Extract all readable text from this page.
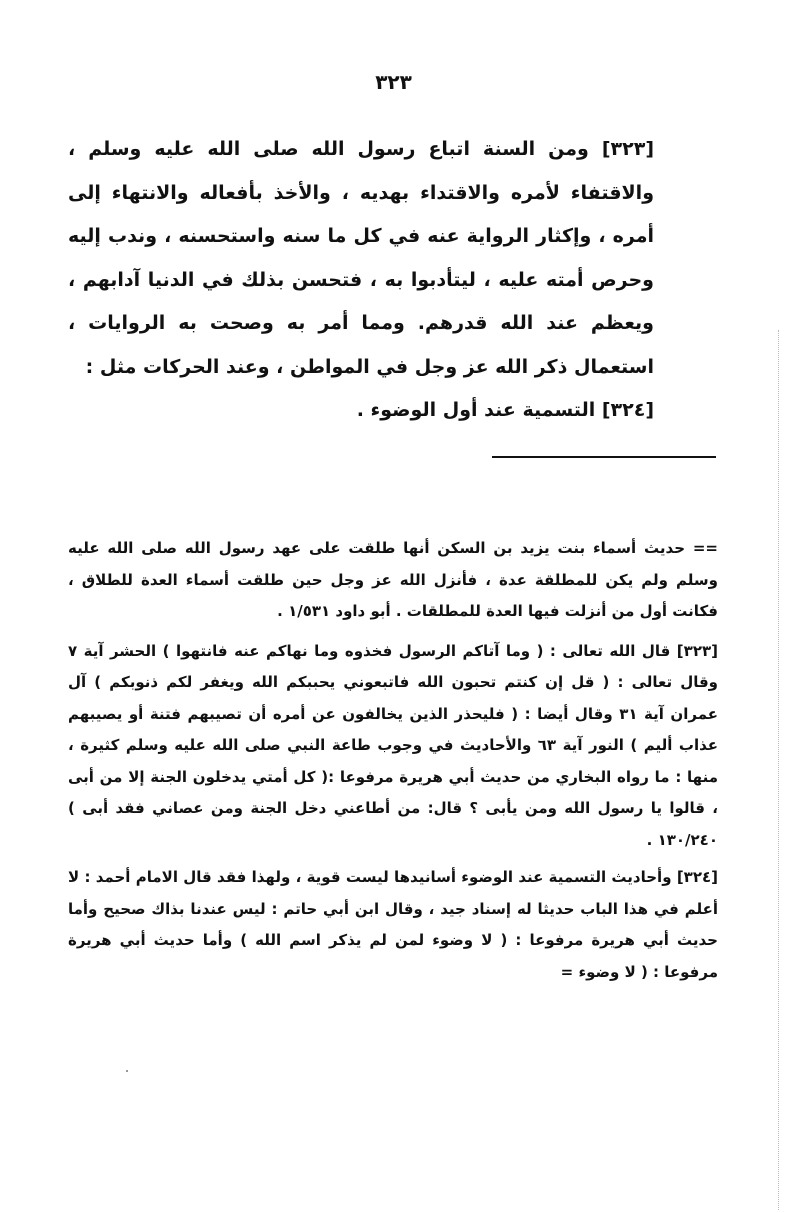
٣٢٣

[٣٢٣] ومن السنة اتباع رسول الله صلى الله عليه وسلم ، والاقتفاء لأمره والاقتداء بهديه ، والأخذ بأفعاله والانتهاء إلى أمره ، وإكثار الرواية عنه في كل ما سنه واستحسنه ، وندب إليه وحرص أمته عليه ، ليتأدبوا به ، فتحسن بذلك في الدنيا آدابهم ، ويعظم عند الله قدرهم. ومما أمر به وصحت به الروايات ، استعمال ذكر الله عز وجل في المواطن ، وعند الحركات مثل :

[٣٢٤] التسمية عند أول الوضوء .

== حديث أسماء بنت يزيد بن السكن أنها طلقت على عهد رسول الله صلى الله عليه وسلم ولم يكن للمطلقة عدة ، فأنزل الله عز وجل حين طلقت أسماء العدة للطلاق ، فكانت أول من أنزلت فيها العدة للمطلقات . أبو داود ١/٥٣١ .

[٣٢٣] قال الله تعالى : ( وما آتاكم الرسول فخذوه وما نهاكم عنه فانتهوا ) الحشر آية ٧ وقال تعالى : ( قل إن كنتم تحبون الله فاتبعوني يحببكم الله ويغفر لكم ذنوبكم ) آل عمران آية ٣١ وقال أيضا : ( فليحذر الذين يخالفون عن أمره أن تصيبهم فتنة أو يصيبهم عذاب أليم ) النور آية ٦٣ والأحاديث في وجوب طاعة النبي صلى الله عليه وسلم كثيرة ، منها : ما رواه البخاري من حديث أبي هريرة مرفوعا :( كل أمتي يدخلون الجنة إلا من أبى ، قالوا يا رسول الله ومن يأبى ؟ قال: من أطاعني دخل الجنة ومن عصاني فقد أبى ) ١٣٠/٢٤٠ .

[٣٢٤] وأحاديث التسمية عند الوضوء أسانيدها ليست قوية ، ولهذا فقد قال الامام أحمد : لا أعلم في هذا الباب حديثا له إسناد جيد ، وقال ابن أبي حاتم : ليس عندنا بذاك صحيح وأما حديث أبي هريرة مرفوعا : ( لا وضوء لمن لم يذكر اسم الله ) وأما حديث أبي هريرة مرفوعا : ( لا وضوء =
